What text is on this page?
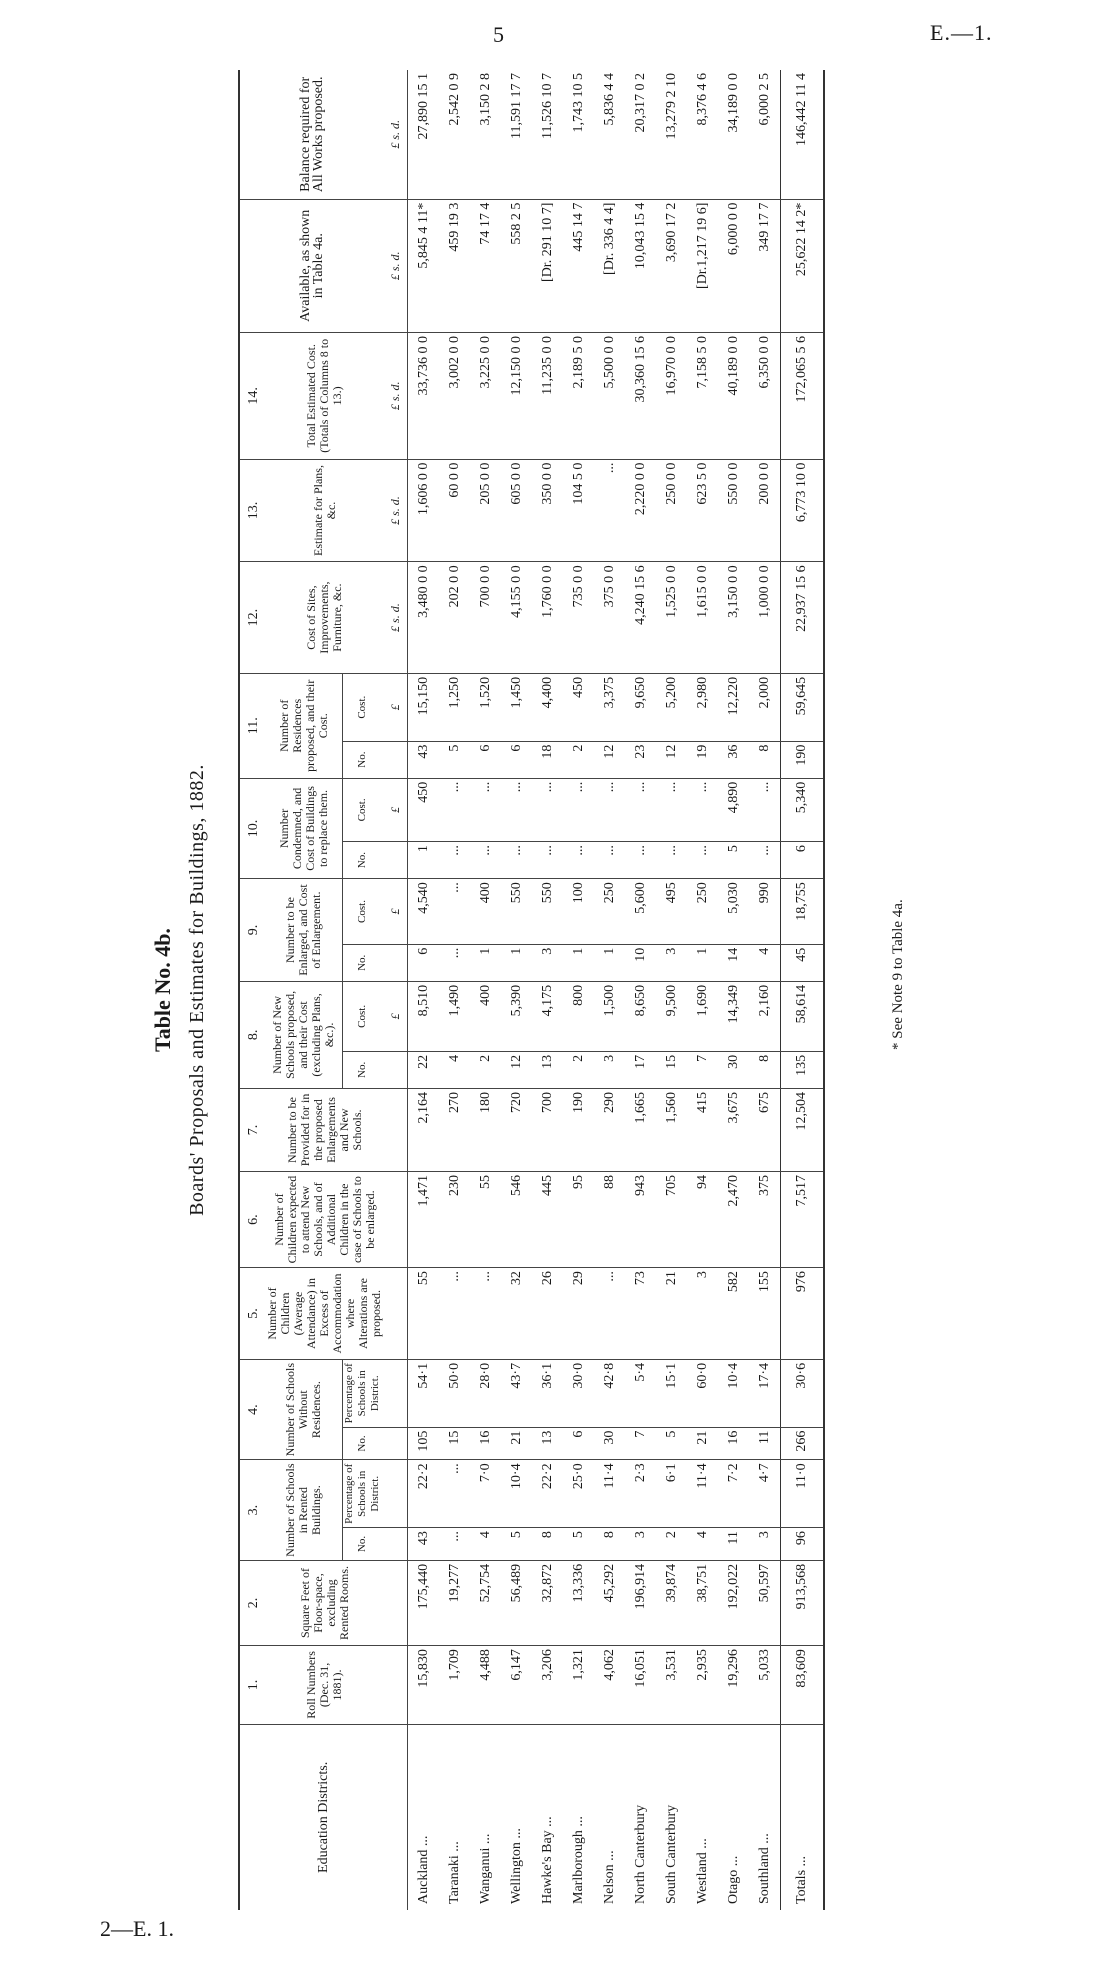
5	E.—1.
2—E. 1.
Table No. 4b. Boards' Proposals and Estimates for Buildings, 1882.
Education Districts.	1.	2.	3.		4.		5.	6.	7.	8.		9.		10.		11.		12.	13.	14.	Available, as shown in Table 4a.	Balance required for All Works proposed.
	Roll Numbers (Dec. 31, 1881).	Square Feet of Floor-space, excluding Rented Rooms.	Number of Schools in Rented Buildings.		Number of Schools Without Residences.		Number of Children (Average Attendance) in Excess of Accommodation where Alterations are proposed.	Number of Children expected to attend New Schools, and of Additional Children in the case of Schools to be enlarged.	Number to be Provided for in the proposed Enlargements and New Schools.	Number of New Schools proposed, and their Cost (excluding Plans, &c.).		Number to be Enlarged, and Cost of Enlargement.		Number Condemned, and Cost of Buildings to replace them.		Number of Residences proposed, and their Cost.		Cost of Sites, Improvements, Furniture, &c.	Estimate for Plans, &c.	Total Estimated Cost. (Totals of Columns 8 to 13.)		
			No.	Percentage of Schools in District.	No.	Percentage of Schools in District.				No.	Cost.	No.	Cost.	No.	Cost.	No.	Cost.					
											£		£		£		£	£ s. d.	£ s. d.	£ s. d.	£ s. d.	£ s. d.
Auckland ...	15,830	175,440	43	22·2	105	54·1	55	1,471	2,164	22	8,510	6	4,540	1	450	43	15,150	3,480 0 0	1,606 0 0	33,736 0 0	5,845 4 11*	27,890 15 1
Taranaki ...	1,709	19,277	...	...	15	50·0	...	230	270	4	1,490	...	...	...	...	5	1,250	202 0 0	60 0 0	3,002 0 0	459 19 3	2,542 0 9
Wanganui ...	4,488	52,754	4	7·0	16	28·0	...	55	180	2	400	1	400	...	...	6	1,520	700 0 0	205 0 0	3,225 0 0	74 17 4	3,150 2 8
Wellington ...	6,147	56,489	5	10·4	21	43·7	32	546	720	12	5,390	1	550	...	...	6	1,450	4,155 0 0	605 0 0	12,150 0 0	558 2 5	11,591 17 7
Hawke's Bay ...	3,206	32,872	8	22·2	13	36·1	26	445	700	13	4,175	3	550	...	...	18	4,400	1,760 0 0	350 0 0	11,235 0 0	[Dr. 291 10 7]	11,526 10 7
Marlborough ...	1,321	13,336	5	25·0	6	30·0	29	95	190	2	800	1	100	...	...	2	450	735 0 0	104 5 0	2,189 5 0	445 14 7	1,743 10 5
Nelson ...	4,062	45,292	8	11·4	30	42·8	...	88	290	3	1,500	1	250	...	...	12	3,375	375 0 0	...	5,500 0 0	[Dr. 336 4 4]	5,836 4 4
North Canterbury	16,051	196,914	3	2·3	7	5·4	73	943	1,665	17	8,650	10	5,600	...	...	23	9,650	4,240 15 6	2,220 0 0	30,360 15 6	10,043 15 4	20,317 0 2
South Canterbury	3,531	39,874	2	6·1	5	15·1	21	705	1,560	15	9,500	3	495	...	...	12	5,200	1,525 0 0	250 0 0	16,970 0 0	3,690 17 2	13,279 2 10
Westland ...	2,935	38,751	4	11·4	21	60·0	3	94	415	7	1,690	1	250	...	...	19	2,980	1,615 0 0	623 5 0	7,158 5 0	[Dr.1,217 19 6]	8,376 4 6
Otago ...	19,296	192,022	11	7·2	16	10·4	582	2,470	3,675	30	14,349	14	5,030	5	4,890	36	12,220	3,150 0 0	550 0 0	40,189 0 0	6,000 0 0	34,189 0 0
Southland ...	5,033	50,597	3	4·7	11	17·4	155	375	675	8	2,160	4	990	...	...	8	2,000	1,000 0 0	200 0 0	6,350 0 0	349 17 7	6,000 2 5
Totals ...	83,609	913,568	96	11·0	266	30·6	976	7,517	12,504	135	58,614	45	18,755	6	5,340	190	59,645	22,937 15 6	6,773 10 0	172,065 5 6	25,622 14 2*	146,442 11 4
* See Note 9 to Table 4a.
